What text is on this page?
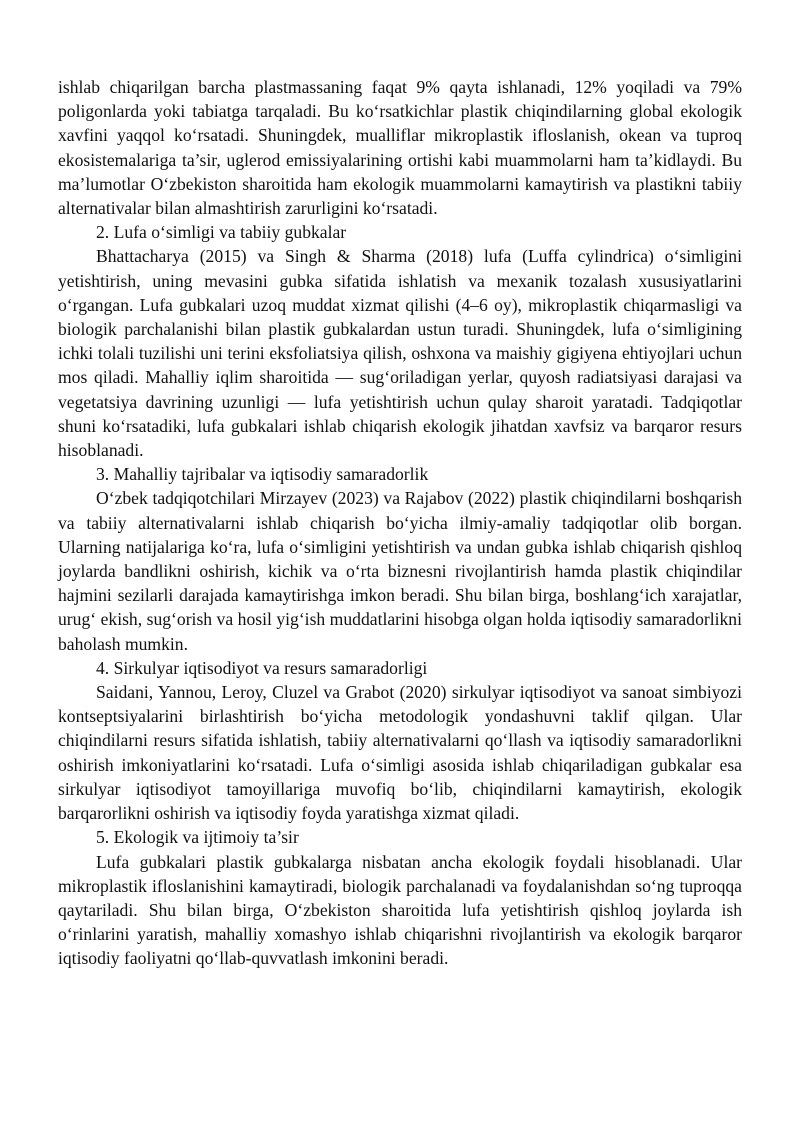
ishlab chiqarilgan barcha plastmassaning faqat 9% qayta ishlanadi, 12% yoqiladi va 79% poligonlarda yoki tabiatga tarqaladi. Bu ko‘rsatkichlar plastik chiqindilarning global ekologik xavfini yaqqol ko‘rsatadi. Shuningdek, mualliflar mikroplastik ifloslanish, okean va tuproq ekosistemalariga ta’sir, uglerod emissiyalarining ortishi kabi muammolarni ham ta’kidlaydi. Bu ma’lumotlar O‘zbekiston sharoitida ham ekologik muammolarni kamaytirish va plastikni tabiiy alternativalar bilan almashtirish zarurligini ko‘rsatadi.

2. Lufa o‘simligi va tabiiy gubkalar

Bhattacharya (2015) va Singh & Sharma (2018) lufa (Luffa cylindrica) o‘simligini yetishtirish, uning mevasini gubka sifatida ishlatish va mexanik tozalash xususiyatlarini o‘rgangan. Lufa gubkalari uzoq muddat xizmat qilishi (4–6 oy), mikroplastik chiqarmasligi va biologik parchalanishi bilan plastik gubkalardan ustun turadi. Shuningdek, lufa o‘simligining ichki tolali tuzilishi uni terini eksfoliatsiya qilish, oshxona va maishiy gigiyena ehtiyojlari uchun mos qiladi. Mahalliy iqlim sharoitida — sug‘oriladigan yerlar, quyosh radiatsiyasi darajasi va vegetatsiya davrining uzunligi — lufa yetishtirish uchun qulay sharoit yaratadi. Tadqiqotlar shuni ko‘rsatadiki, lufa gubkalari ishlab chiqarish ekologik jihatdan xavfsiz va barqaror resurs hisoblanadi.

3. Mahalliy tajribalar va iqtisodiy samaradorlik

O‘zbek tadqiqotchilari Mirzayev (2023) va Rajabov (2022) plastik chiqindilarni boshqarish va tabiiy alternativalarni ishlab chiqarish bo‘yicha ilmiy-amaliy tadqiqotlar olib borgan. Ularning natijalariga ko‘ra, lufa o‘simligini yetishtirish va undan gubka ishlab chiqarish qishloq joylarda bandlikni oshirish, kichik va o‘rta biznesni rivojlantirish hamda plastik chiqindilar hajmini sezilarli darajada kamaytirishga imkon beradi. Shu bilan birga, boshlang‘ich xarajatlar, urug‘ ekish, sug‘orish va hosil yig‘ish muddatlarini hisobga olgan holda iqtisodiy samaradorlikni baholash mumkin.

4. Sirkulyar iqtisodiyot va resurs samaradorligi

Saidani, Yannou, Leroy, Cluzel va Grabot (2020) sirkulyar iqtisodiyot va sanoat simbiyozi kontseptsiyalarini birlashtirish bo‘yicha metodologik yondashuvni taklif qilgan. Ular chiqindilarni resurs sifatida ishlatish, tabiiy alternativalarni qo‘llash va iqtisodiy samaradorlikni oshirish imkoniyatlarini ko‘rsatadi. Lufa o‘simligi asosida ishlab chiqariladigan gubkalar esa sirkulyar iqtisodiyot tamoyillariga muvofiq bo‘lib, chiqindilarni kamaytirish, ekologik barqarorlikni oshirish va iqtisodiy foyda yaratishga xizmat qiladi.

5. Ekologik va ijtimoiy ta’sir

Lufa gubkalari plastik gubkalarga nisbatan ancha ekologik foydali hisoblanadi. Ular mikroplastik ifloslanishini kamaytiradi, biologik parchalanadi va foydalanishdan so‘ng tuproqqa qaytariladi. Shu bilan birga, O‘zbekiston sharoitida lufa yetishtirish qishloq joylarda ish o‘rinlarini yaratish, mahalliy xomashyo ishlab chiqarishni rivojlantirish va ekologik barqaror iqtisodiy faoliyatni qo‘llab-quvvatlash imkonini beradi.
